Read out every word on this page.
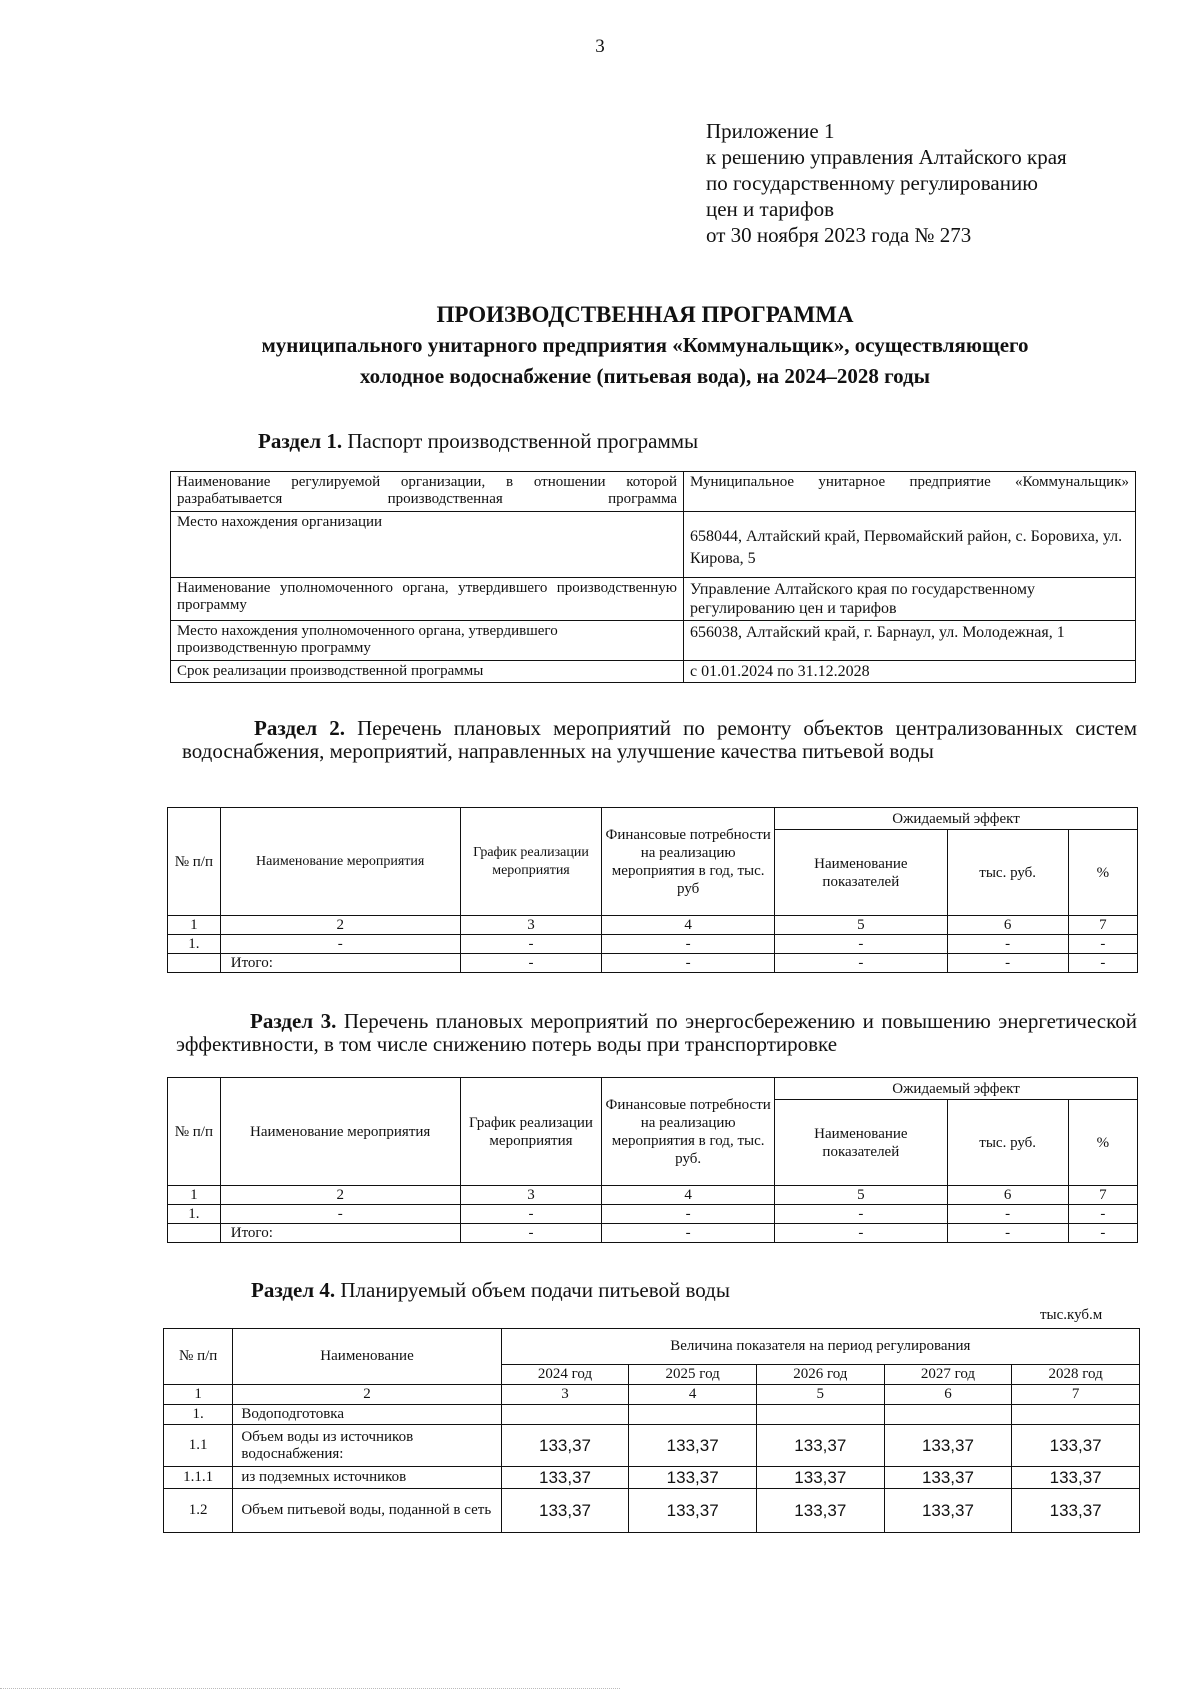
3
Приложение 1
к решению управления Алтайского края
по государственному регулированию
цен и тарифов
от 30 ноября 2023 года № 273
ПРОИЗВОДСТВЕННАЯ ПРОГРАММА
муниципального унитарного предприятия «Коммунальщик», осуществляющего
холодное водоснабжение (питьевая вода), на 2024–2028 годы
Раздел 1. Паспорт производственной программы
Наименование регулируемой организации, в отношении которой разрабатывается производственная программа	Муниципальное унитарное предприятие «Коммунальщик»

Место нахождения организации	658044, Алтайский край, Первомайский район, с. Боровиха, ул. Кирова, 5

Наименование уполномоченного органа, утвердившего производственную программу	Управление Алтайского края по государственному регулированию цен и тарифов
Место нахождения уполномоченного органа, утвердившего производственную программу	656038, Алтайский край, г. Барнаул, ул. Молодежная, 1
Срок реализации производственной программы	с 01.01.2024 по 31.12.2028
Раздел 2. Перечень плановых мероприятий по ремонту объектов централизованных систем водоснабжения, мероприятий, направленных на улучшение качества питьевой воды
№ п/п	Наименование мероприятия	График реализации мероприятия	Финансовые потребности на реализацию мероприятия в год, тыс. руб	Ожидаемый эффект		
				Наименование показателей	тыс. руб.	%
1	2	3	4	5	6	7
1.	-	-	-	-	-	-
	Итого:	-	-	-	-	-
Раздел 3. Перечень плановых мероприятий по энергосбережению и повышению энергетической эффективности, в том числе снижению потерь воды при транспортировке
№ п/п	Наименование мероприятия	График реализации мероприятия	Финансовые потребности на реализацию мероприятия в год, тыс. руб.	Ожидаемый эффект		
				Наименование показателей	тыс. руб.	%
1	2	3	4	5	6	7
1.	-	-	-	-	-	-
	Итого:	-	-	-	-	-
Раздел 4. Планируемый объем подачи питьевой воды
тыс.куб.м
№ п/п	Наименование	Величина показателя на период регулирования				
		2024 год	2025 год	2026 год	2027 год	2028 год
1	2	3	4	5	6	7
1.	Водоподготовка					
1.1	Объем воды из источников водоснабжения:	133,37	133,37	133,37	133,37	133,37
1.1.1	из подземных источников	133,37	133,37	133,37	133,37	133,37
1.2	Объем питьевой воды, поданной в сеть	133,37	133,37	133,37	133,37	133,37
